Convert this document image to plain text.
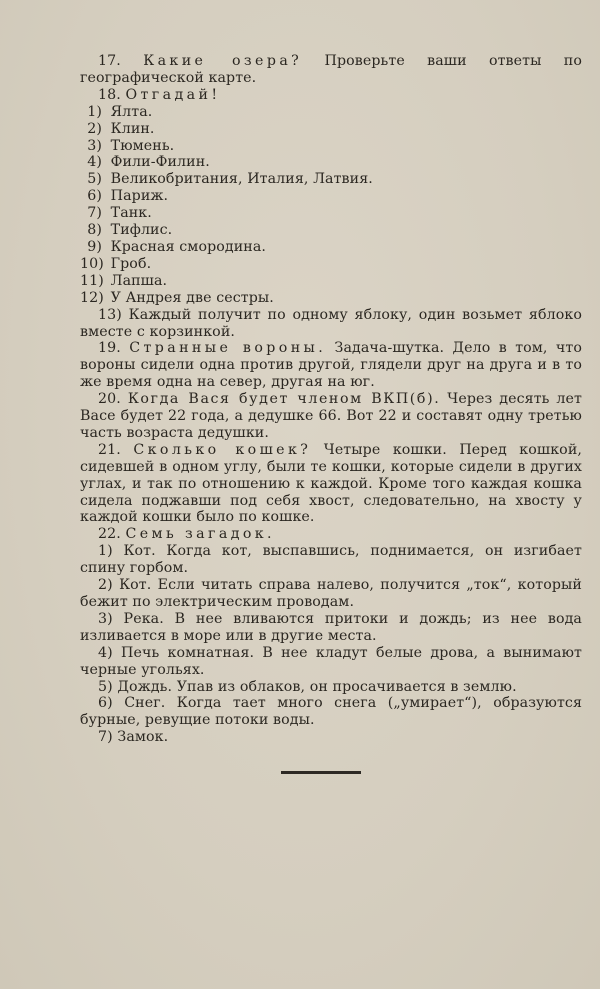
17. Какие озера? Проверьте ваши ответы по географической карте.

18. Отгадай!

1) Ялта.
2) Клин.
3) Тюмень.
4) Фили-Филин.
5) Великобритания, Италия, Латвия.
6) Париж.
7) Танк.
8) Тифлис.
9) Красная смородина.
10) Гроб.
11) Лапша.
12) У Андрея две сестры.

13) Каждый получит по одному яблоку, один возьмет яблоко вместе с корзинкой.

19. Странные вороны. Задача-шутка. Дело в том, что вороны сидели одна против другой, глядели друг на друга и в то же время одна на север, другая на юг.

20. Когда Вася будет членом ВКП(б). Через десять лет Васе будет 22 года, а дедушке 66. Вот 22 и составят одну третью часть возраста дедушки.

21. Сколько кошек? Четыре кошки. Перед кошкой, сидевшей в одном углу, были те кошки, которые сидели в других углах, и так по отношению к каждой. Кроме того каждая кошка сидела поджавши под себя хвост, следовательно, на хвосту у каждой кошки было по кошке.

22. Семь загадок.

1) Кот. Когда кот, выспавшись, поднимается, он изгибает спину горбом.

2) Кот. Если читать справа налево, получится „ток“, который бежит по электрическим проводам.

3) Река. В нее вливаются притоки и дождь; из нее вода изливается в море или в другие места.

4) Печь комнатная. В нее кладут белые дрова, а вынимают черные угольях.

5) Дождь. Упав из облаков, он просачивается в землю.

6) Снег. Когда тает много снега („умирает“), образуются бурные, ревущие потоки воды.

7) Замок.
